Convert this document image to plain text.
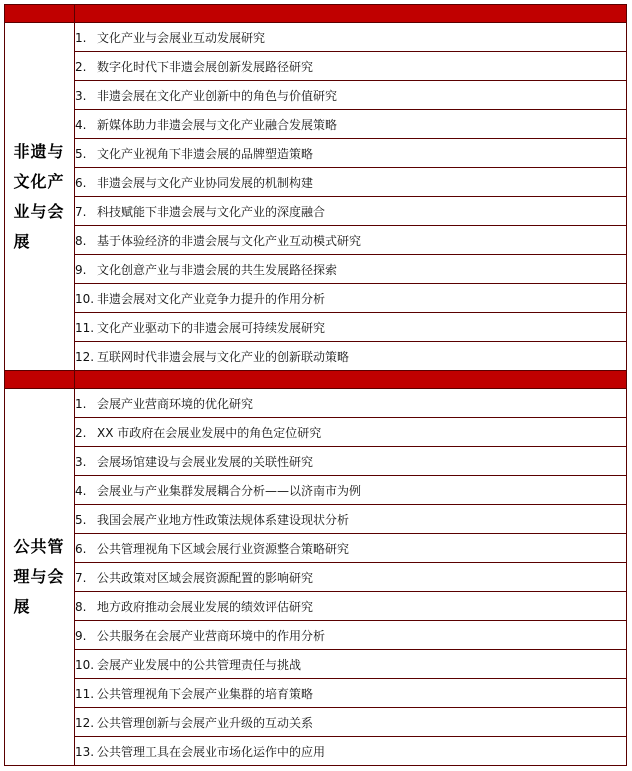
非遗与文化产业与会展	1. 文化产业与会展业互动发展研究
	2. 数字化时代下非遗会展创新发展路径研究
	3. 非遗会展在文化产业创新中的角色与价值研究
	4. 新媒体助力非遗会展与文化产业融合发展策略
	5. 文化产业视角下非遗会展的品牌塑造策略
	6. 非遗会展与文化产业协同发展的机制构建
	7. 科技赋能下非遗会展与文化产业的深度融合
	8. 基于体验经济的非遗会展与文化产业互动模式研究
	9. 文化创意产业与非遗会展的共生发展路径探索
	10. 非遗会展对文化产业竞争力提升的作用分析
	11. 文化产业驱动下的非遗会展可持续发展研究
	12. 互联网时代非遗会展与文化产业的创新联动策略

公共管理与会展	1. 会展产业营商环境的优化研究
	2. XX 市政府在会展业发展中的角色定位研究
	3. 会展场馆建设与会展业发展的关联性研究
	4. 会展业与产业集群发展耦合分析——以济南市为例
	5. 我国会展产业地方性政策法规体系建设现状分析
	6. 公共管理视角下区域会展行业资源整合策略研究
	7. 公共政策对区域会展资源配置的影响研究
	8. 地方政府推动会展业发展的绩效评估研究
	9. 公共服务在会展产业营商环境中的作用分析
	10. 会展产业发展中的公共管理责任与挑战
	11. 公共管理视角下会展产业集群的培育策略
	12. 公共管理创新与会展产业升级的互动关系
	13. 公共管理工具在会展业市场化运作中的应用
